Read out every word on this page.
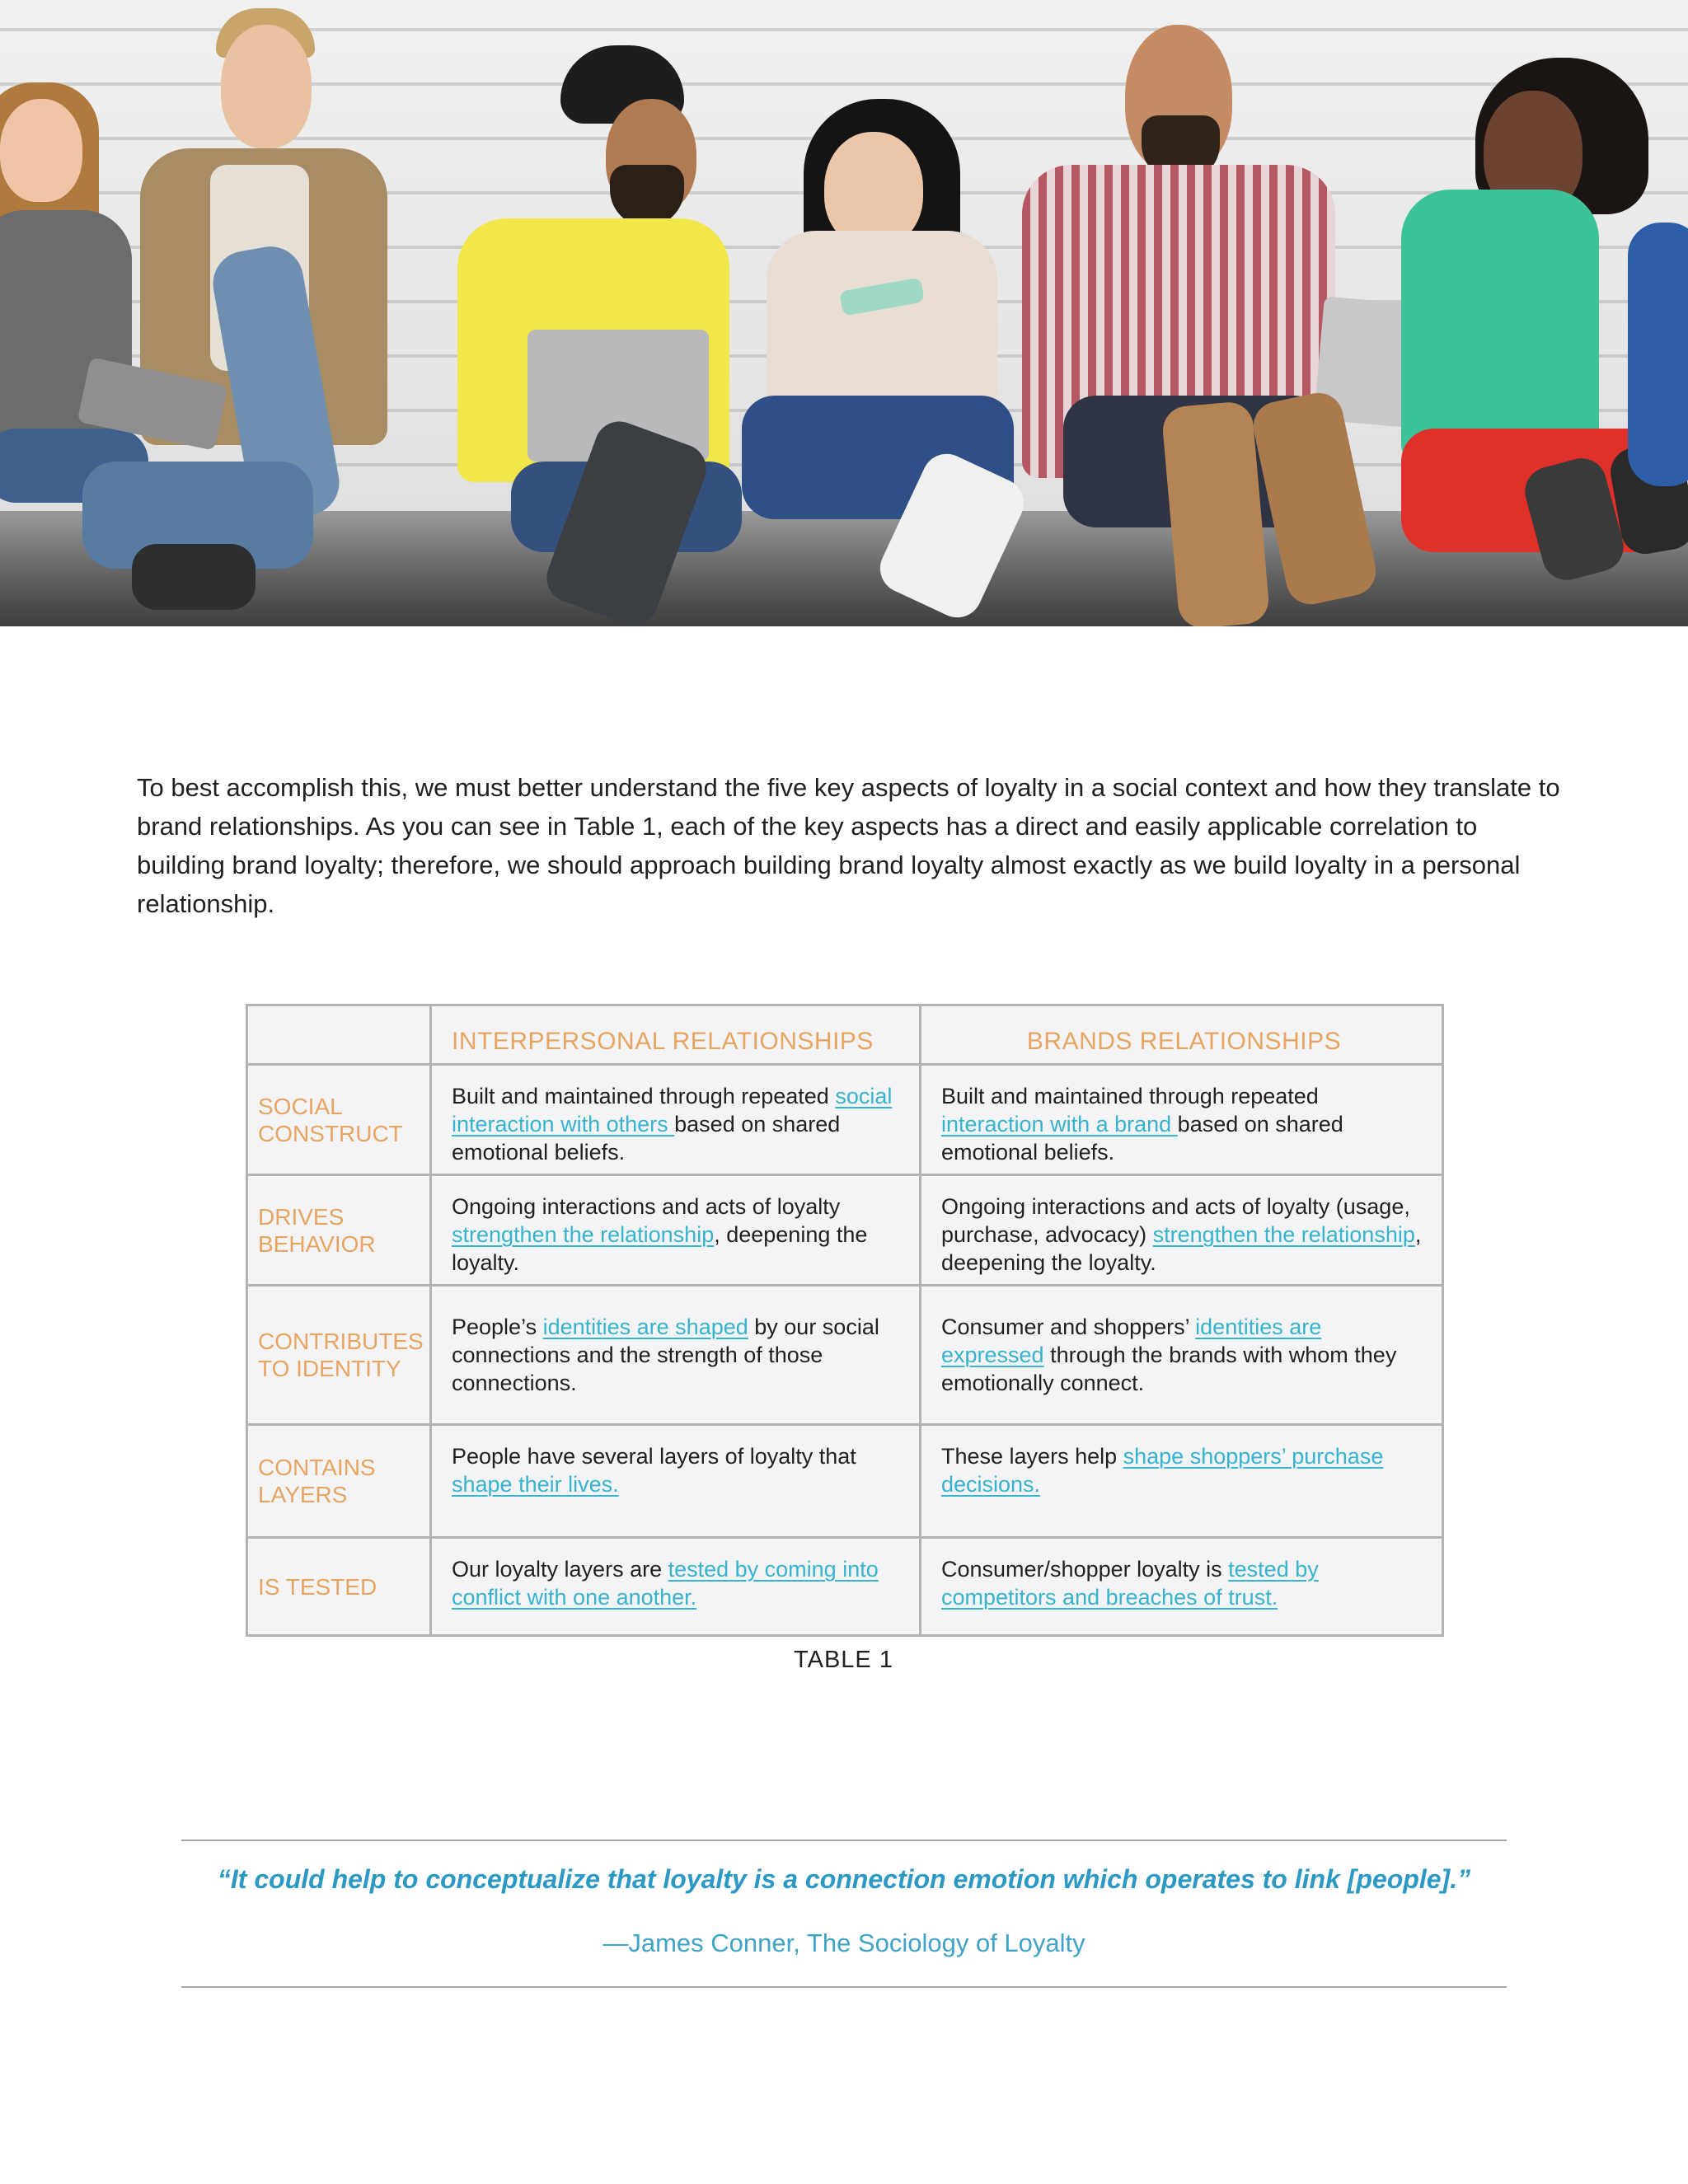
To best accomplish this, we must better understand the five key aspects of loyalty in a social context and how they translate to brand relationships. As you can see in Table 1, each of the key aspects has a direct and easily applicable correlation to building brand loyalty; therefore, we should approach building brand loyalty almost exactly as we build loyalty in a personal relationship.

	INTERPERSONAL RELATIONSHIPS	BRANDS RELATIONSHIPS
SOCIAL CONSTRUCT	Built and maintained through repeated social interaction with others based on shared emotional beliefs.	Built and maintained through repeated interaction with a brand based on shared emotional beliefs.
DRIVES BEHAVIOR	Ongoing interactions and acts of loyalty strengthen the relationship, deepening the loyalty.	Ongoing interactions and acts of loyalty (usage, purchase, advocacy) strengthen the relationship, deepening the loyalty.
CONTRIBUTES TO IDENTITY	People’s identities are shaped by our social connections and the strength of those connections.	Consumer and shoppers’ identities are expressed through the brands with whom they emotionally connect.
CONTAINS LAYERS	People have several layers of loyalty that shape their lives.	These layers help shape shoppers’ purchase decisions.
IS TESTED	Our loyalty layers are tested by coming into conflict with one another.	Consumer/shopper loyalty is tested by competitors and breaches of trust.
TABLE 1

“It could help to conceptualize that loyalty is a connection emotion which operates to link [people].”

—James Conner, The Sociology of Loyalty
